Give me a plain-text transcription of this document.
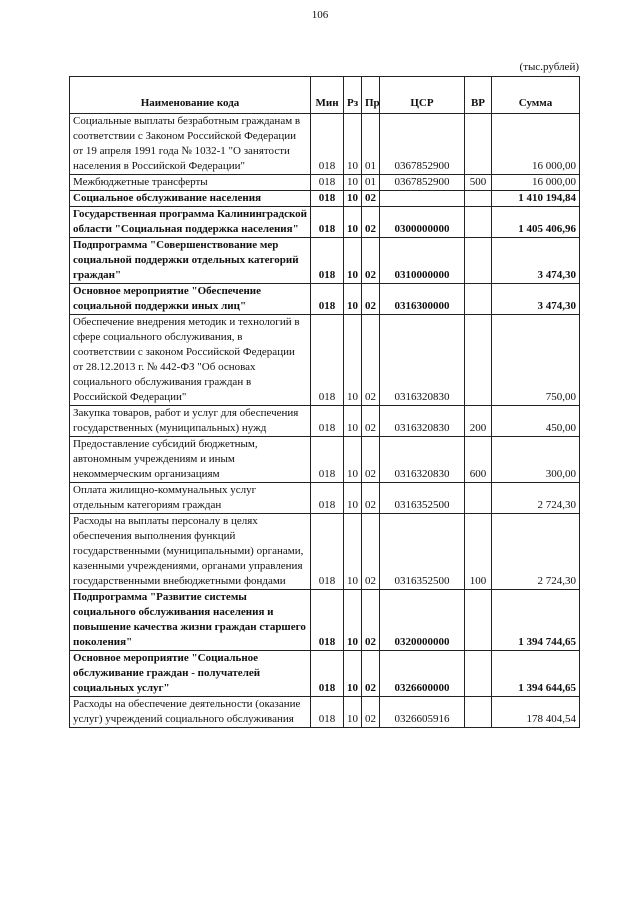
106
(тыс.рублей)
Наименование кода	Мин	Рз	Пр	ЦСР	ВР	Сумма
Социальные выплаты безработным гражданам в соответствии с Законом Российской Федерации от 19 апреля 1991 года № 1032-1 "О занятости населения в Российской Федерации"	018	10	01	0367852900		16 000,00
Межбюджетные трансферты	018	10	01	0367852900	500	16 000,00
Социальное обслуживание населения	018	10	02			1 410 194,84
Государственная программа Калининградской области "Социальная поддержка населения"	018	10	02	0300000000		1 405 406,96
Подпрограмма "Совершенствование мер социальной поддержки отдельных категорий граждан"	018	10	02	0310000000		3 474,30
Основное мероприятие "Обеспечение социальной поддержки иных лиц"	018	10	02	0316300000		3 474,30
Обеспечение внедрения методик и технологий в сфере социального обслуживания, в соответствии с законом Российской Федерации от 28.12.2013 г. № 442-ФЗ "Об основах социального обслуживания граждан в Российской Федерации"	018	10	02	0316320830		750,00
Закупка товаров, работ и услуг для обеспечения государственных (муниципальных) нужд	018	10	02	0316320830	200	450,00
Предоставление субсидий бюджетным, автономным учреждениям и иным некоммерческим организациям	018	10	02	0316320830	600	300,00
Оплата жилищно-коммунальных услуг отдельным категориям граждан	018	10	02	0316352500		2 724,30
Расходы на выплаты персоналу в целях обеспечения выполнения функций государственными (муниципальными) органами, казенными учреждениями, органами управления государственными внебюджетными фондами	018	10	02	0316352500	100	2 724,30
Подпрограмма "Развитие системы социального обслуживания населения и повышение качества жизни граждан старшего поколения"	018	10	02	0320000000		1 394 744,65
Основное мероприятие "Социальное обслуживание граждан - получателей социальных услуг"	018	10	02	0326600000		1 394 644,65
Расходы на обеспечение деятельности (оказание услуг) учреждений социального обслуживания	018	10	02	0326605916		178 404,54
